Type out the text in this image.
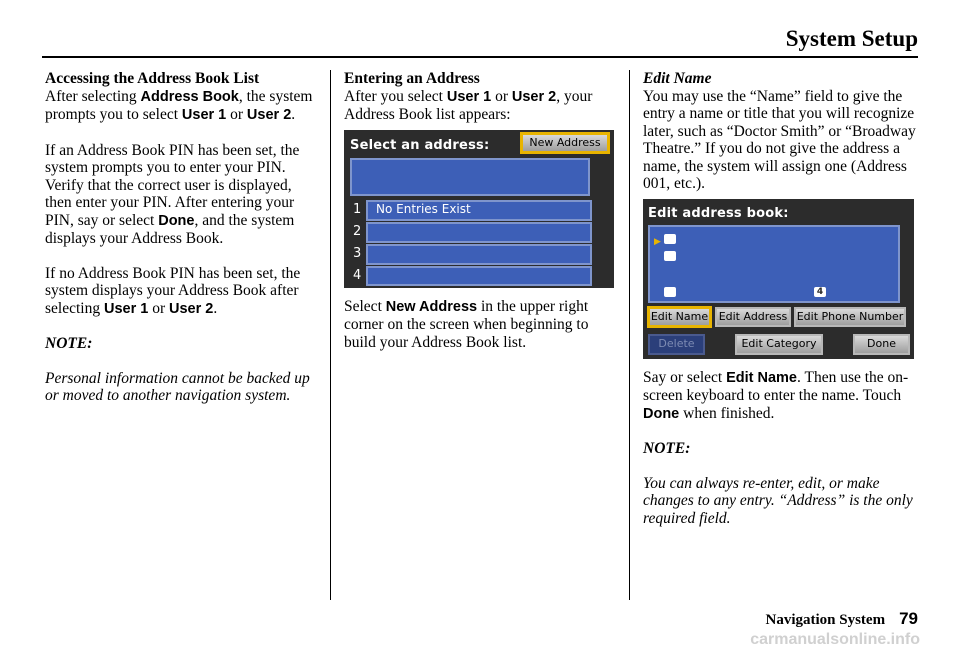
System Setup
Accessing the Address Book List

After selecting Address Book, the system prompts you to select User 1 or User 2.

If an Address Book PIN has been set, the system prompts you to enter your PIN. Verify that the correct user is displayed, then enter your PIN. After entering your PIN, say or select Done, and the system displays your Address Book.

If no Address Book PIN has been set, the system displays your Address Book after selecting User 1 or User 2.

NOTE:

Personal information cannot be backed up or moved to another navigation system.

Entering an Address

After you select User 1 or User 2, your Address Book list appears:

Select an address:	New Address
1
2
3
4
No Entries Exist

Select New Address in the upper right corner on the screen when beginning to build your Address Book list.

Edit Name

You may use the “Name” field to give the entry a name or title that you will recognize later, such as “Doctor Smith” or “Broadway Theatre.” If you do not give the address a name, the system will assign one (Address 001, etc.).

Edit address book:
▶
4
Edit Name Edit Address Edit Phone Number
Delete	Edit Category	Done

Say or select Edit Name. Then use the on-screen keyboard to enter the name. Touch Done when finished.

NOTE:

You can always re-enter, edit, or make changes to any entry. “Address” is the only required field.

Navigation System 79
carmanualsonline.info
